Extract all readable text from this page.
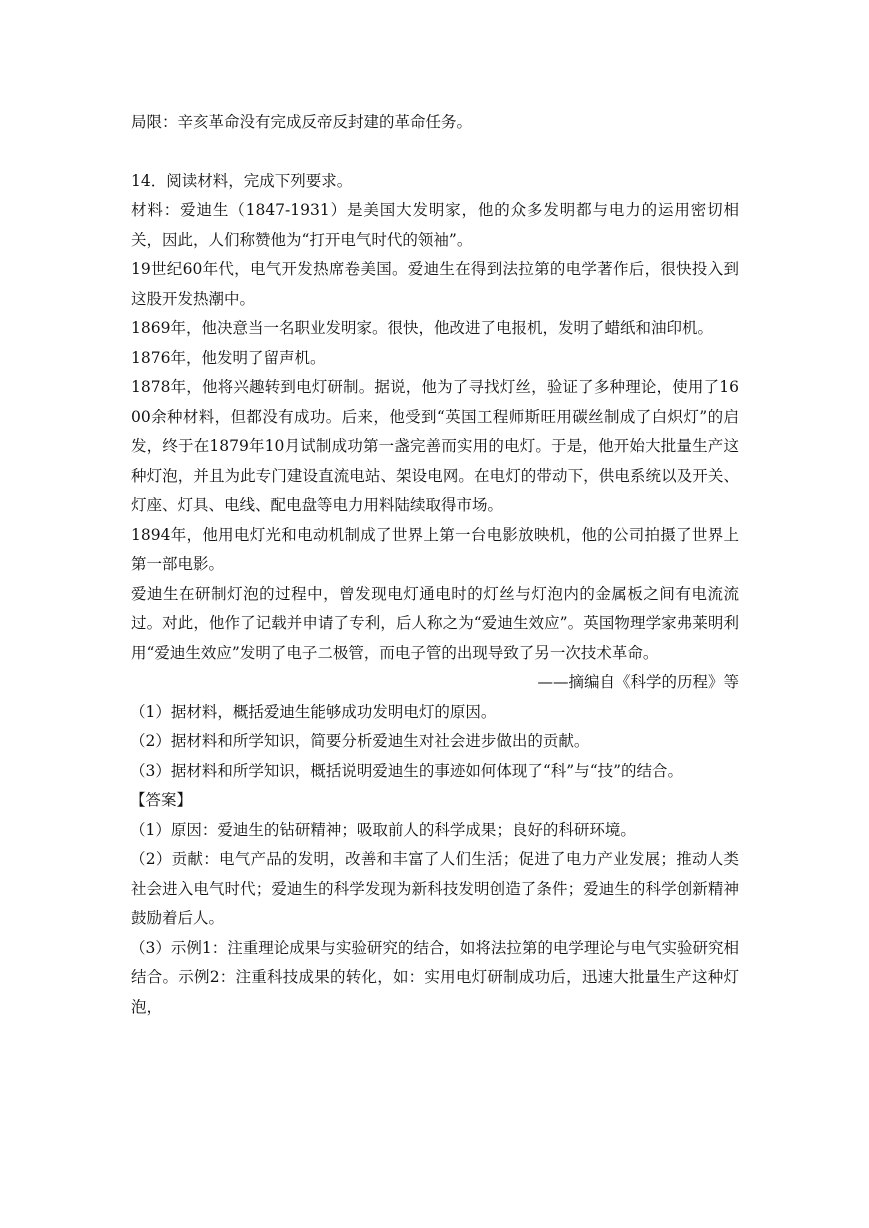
局限：辛亥革命没有完成反帝反封建的革命任务。

14．阅读材料，完成下列要求。

材料：爱迪生（1847-1931）是美国大发明家，他的众多发明都与电力的运用密切相关，因此，人们称赞他为“打开电气时代的领袖”。

19世纪60年代，电气开发热席卷美国。爱迪生在得到法拉第的电学著作后，很快投入到这股开发热潮中。

1869年，他决意当一名职业发明家。很快，他改进了电报机，发明了蜡纸和油印机。

1876年，他发明了留声机。

1878年，他将兴趣转到电灯研制。据说，他为了寻找灯丝，验证了多种理论，使用了1600余种材料，但都没有成功。后来，他受到“英国工程师斯旺用碳丝制成了白炽灯”的启发，终于在1879年10月试制成功第一盏完善而实用的电灯。于是，他开始大批量生产这种灯泡，并且为此专门建设直流电站、架设电网。在电灯的带动下，供电系统以及开关、灯座、灯具、电线、配电盘等电力用料陆续取得市场。

1894年，他用电灯光和电动机制成了世界上第一台电影放映机，他的公司拍摄了世界上第一部电影。

爱迪生在研制灯泡的过程中，曾发现电灯通电时的灯丝与灯泡内的金属板之间有电流流过。对此，他作了记载并申请了专利，后人称之为“爱迪生效应”。英国物理学家弗莱明利用“爱迪生效应”发明了电子二极管，而电子管的出现导致了另一次技术革命。

——摘编自《科学的历程》等

（1）据材料，概括爱迪生能够成功发明电灯的原因。

（2）据材料和所学知识，简要分析爱迪生对社会进步做出的贡献。

（3）据材料和所学知识，概括说明爱迪生的事迹如何体现了“科”与“技”的结合。

【答案】

（1）原因：爱迪生的钻研精神；吸取前人的科学成果；良好的科研环境。

（2）贡献：电气产品的发明，改善和丰富了人们生活；促进了电力产业发展；推动人类社会进入电气时代；爱迪生的科学发现为新科技发明创造了条件；爱迪生的科学创新精神鼓励着后人。

（3）示例1：注重理论成果与实验研究的结合，如将法拉第的电学理论与电气实验研究相结合。示例2：注重科技成果的转化，如：实用电灯研制成功后，迅速大批量生产这种灯泡，
